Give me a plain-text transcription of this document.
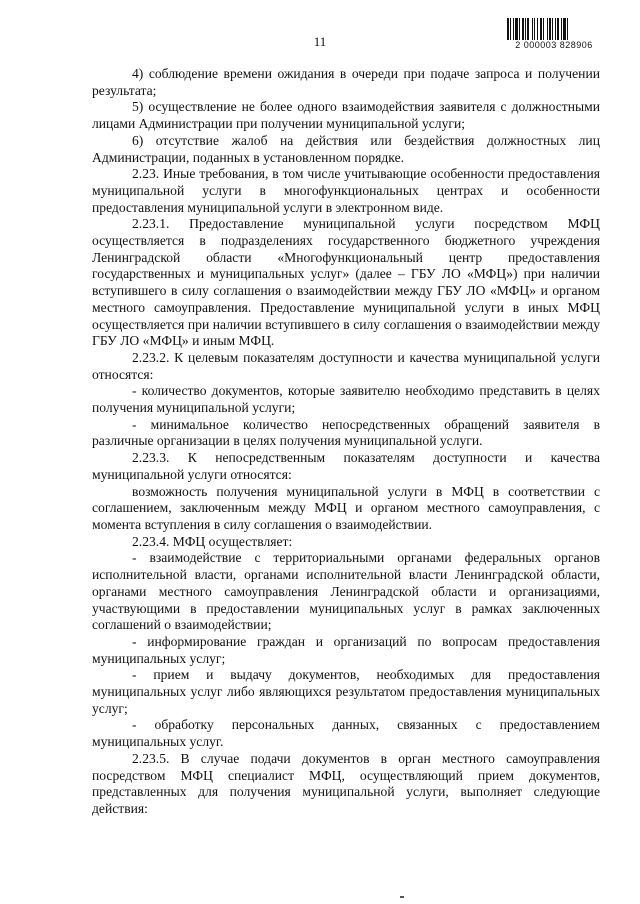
11	2 000003 828906

4) соблюдение времени ожидания в очереди при подаче запроса и получении результата;

5) осуществление не более одного взаимодействия заявителя с должностными лицами Администрации при получении муниципальной услуги;

6) отсутствие жалоб на действия или бездействия должностных лиц Администрации, поданных в установленном порядке.

2.23. Иные требования, в том числе учитывающие особенности предоставления муниципальной услуги в многофункциональных центрах и особенности предоставления муниципальной услуги в электронном виде.

2.23.1. Предоставление муниципальной услуги посредством МФЦ осуществляется в подразделениях государственного бюджетного учреждения Ленинградской области «Многофункциональный центр предоставления государственных и муниципальных услуг» (далее – ГБУ ЛО «МФЦ») при наличии вступившего в силу соглашения о взаимодействии между ГБУ ЛО «МФЦ» и органом местного самоуправления. Предоставление муниципальной услуги в иных МФЦ осуществляется при наличии вступившего в силу соглашения о взаимодействии между ГБУ ЛО «МФЦ» и иным МФЦ.

2.23.2. К целевым показателям доступности и качества муниципальной услуги относятся:

- количество документов, которые заявителю необходимо представить в целях получения муниципальной услуги;

- минимальное количество непосредственных обращений заявителя в различные организации в целях получения муниципальной услуги.

2.23.3. К непосредственным показателям доступности и качества муниципальной услуги относятся:

возможность получения муниципальной услуги в МФЦ в соответствии с соглашением, заключенным между МФЦ и органом местного самоуправления, с момента вступления в силу соглашения о взаимодействии.

2.23.4. МФЦ осуществляет:

- взаимодействие с территориальными органами федеральных органов исполнительной власти, органами исполнительной власти Ленинградской области, органами местного самоуправления Ленинградской области и организациями, участвующими в предоставлении муниципальных услуг в рамках заключенных соглашений о взаимодействии;

- информирование граждан и организаций по вопросам предоставления муниципальных услуг;

- прием и выдачу документов, необходимых для предоставления муниципальных услуг либо являющихся результатом предоставления муниципальных услуг;

- обработку персональных данных, связанных с предоставлением муниципальных услуг.

2.23.5. В случае подачи документов в орган местного самоуправления посредством МФЦ специалист МФЦ, осуществляющий прием документов, представленных для получения муниципальной услуги, выполняет следующие действия:
